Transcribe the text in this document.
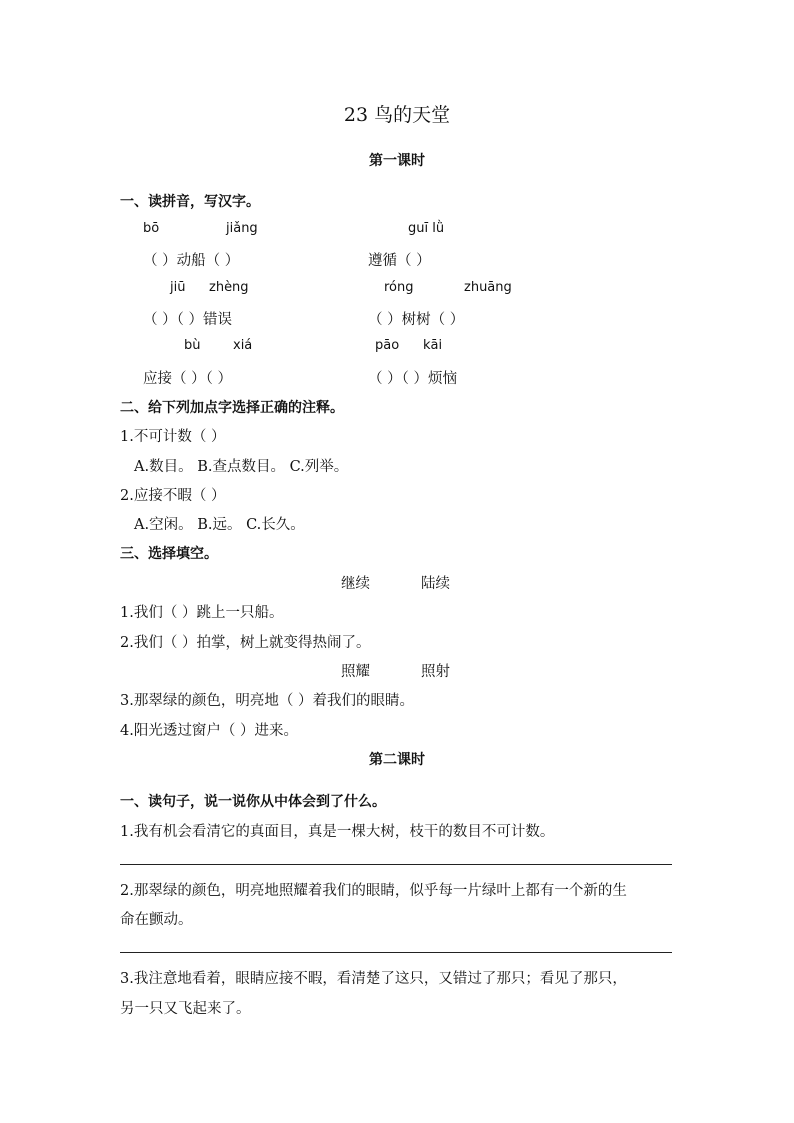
23 鸟的天堂
第一课时
一、读拼音，写汉字。
bō	jiǎng	guī lǜ
（ ）动船（ ）	遵循（ ）
jiū zhèng	róng	zhuāng
（ ）（ ）错误	（ ）树树（ ）
bù	xiá	pāo kāi
应接（ ）（ ）	（ ）（ ）烦恼
二、给下列加点字选择正确的注释。
1.不可计数（ ）
A.数目。 B.查点数目。 C.列举。
2.应接不暇（ ）
A.空闲。 B.远。 C.长久。
三、选择填空。
继续	陆续
1.我们（ ）跳上一只船。
2.我们（ ）拍掌，树上就变得热闹了。
照耀	照射
3.那翠绿的颜色，明亮地（ ）着我们的眼睛。
4.阳光透过窗户（ ）进来。
第二课时
一、读句子，说一说你从中体会到了什么。
1.我有机会看清它的真面目，真是一棵大树，枝干的数目不可计数。
2.那翠绿的颜色，明亮地照耀着我们的眼睛，似乎每一片绿叶上都有一个新的生
命在颤动。
3.我注意地看着，眼睛应接不暇，看清楚了这只，又错过了那只；看见了那只，
另一只又飞起来了。
